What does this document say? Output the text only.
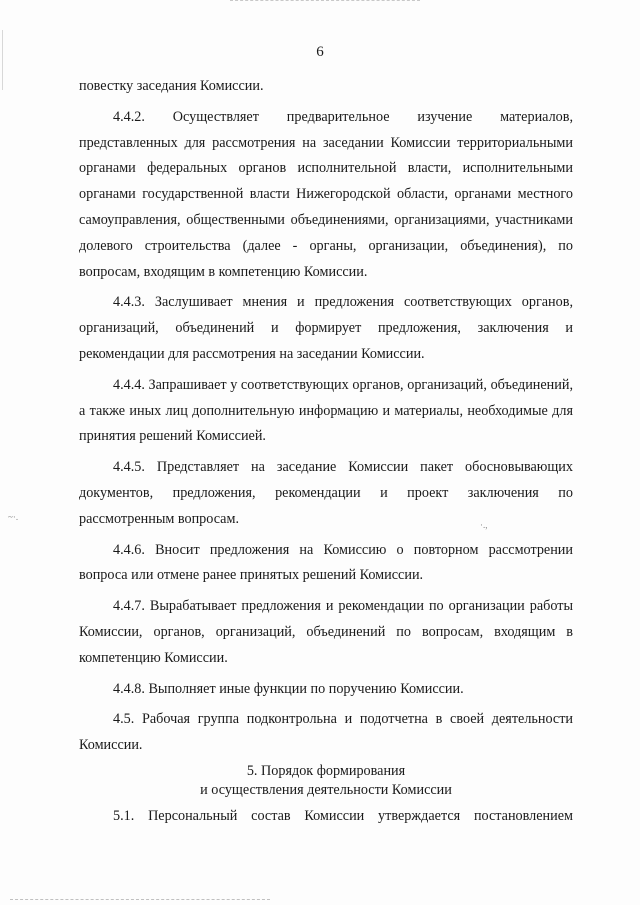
~·.
·.,
6

повестку заседания Комиссии.

4.4.2. Осуществляет предварительное изучение материалов, представленных для рассмотрения на заседании Комиссии территориальными органами федеральных органов исполнительной власти, исполнительными органами государственной власти Нижегородской области, органами местного самоуправления, общественными объединениями, организациями, участниками долевого строительства (далее - органы, организации, объединения), по вопросам, входящим в компетенцию Комиссии.

4.4.3. Заслушивает мнения и предложения соответствующих органов, организаций, объединений и формирует предложения, заключения и рекомендации для рассмотрения на заседании Комиссии.

4.4.4. Запрашивает у соответствующих органов, организаций, объединений, а также иных лиц дополнительную информацию и материалы, необходимые для принятия решений Комиссией.

4.4.5. Представляет на заседание Комиссии пакет обосновывающих документов, предложения, рекомендации и проект заключения по рассмотренным вопросам.

4.4.6. Вносит предложения на Комиссию о повторном рассмотрении вопроса или отмене ранее принятых решений Комиссии.

4.4.7. Вырабатывает предложения и рекомендации по организации работы Комиссии, органов, организаций, объединений по вопросам, входящим в компетенцию Комиссии.

4.4.8. Выполняет иные функции по поручению Комиссии.

4.5. Рабочая группа подконтрольна и подотчетна в своей деятельности Комиссии.

5. Порядок формирования
и осуществления деятельности Комиссии
5.1. Персональный состав Комиссии утверждается постановлением
